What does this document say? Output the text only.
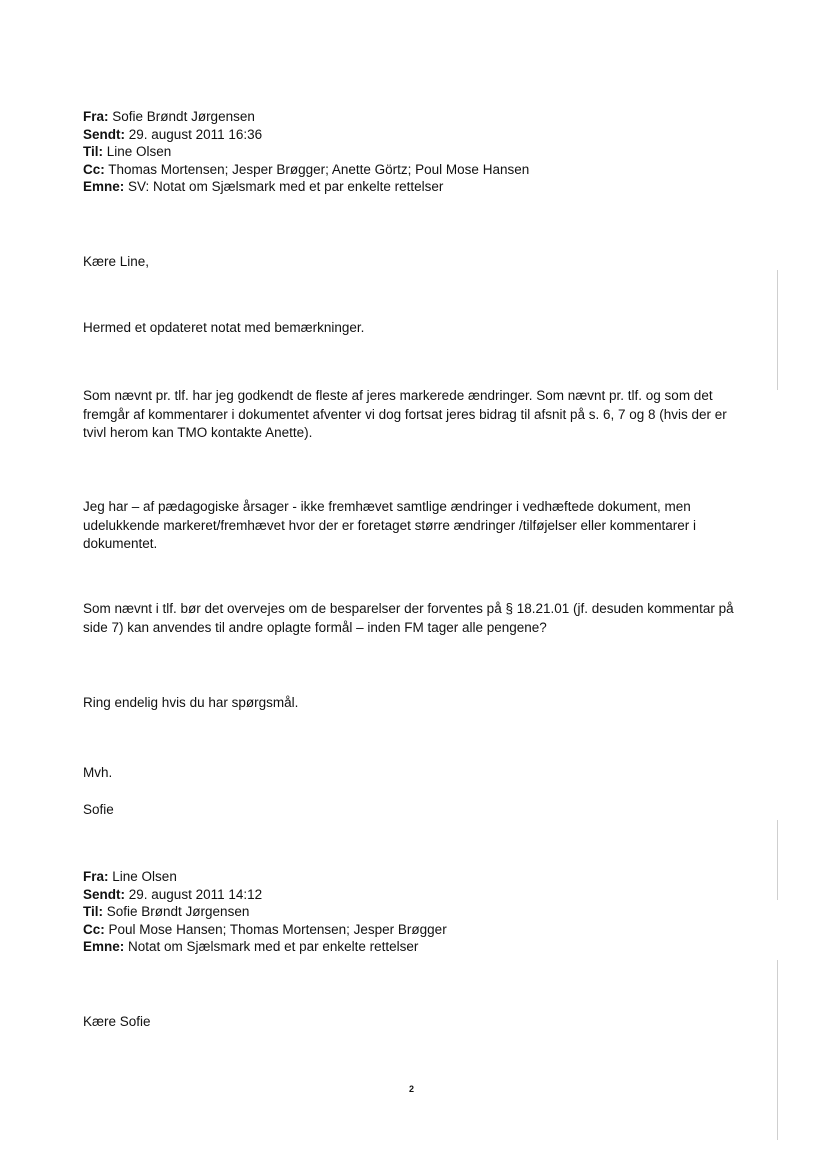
Fra: Sofie Brøndt Jørgensen
Sendt: 29. august 2011 16:36
Til: Line Olsen
Cc: Thomas Mortensen; Jesper Brøgger; Anette Görtz; Poul Mose Hansen
Emne: SV: Notat om Sjælsmark med et par enkelte rettelser
Kære Line,
Hermed et opdateret notat med bemærkninger.
Som nævnt pr. tlf. har jeg godkendt de fleste af jeres markerede ændringer. Som nævnt pr. tlf. og som det fremgår af kommentarer i dokumentet afventer vi dog fortsat jeres bidrag til afsnit på s. 6, 7 og 8 (hvis der er tvivl herom kan TMO kontakte Anette).
Jeg har – af pædagogiske årsager - ikke fremhævet samtlige ændringer i vedhæftede dokument, men udelukkende markeret/fremhævet hvor der er foretaget større ændringer /tilføjelser eller kommentarer i dokumentet.
Som nævnt i tlf. bør det overvejes om de besparelser der forventes på § 18.21.01 (jf. desuden kommentar på side 7) kan anvendes til andre oplagte formål – inden FM tager alle pengene?
Ring endelig hvis du har spørgsmål.
Mvh.
Sofie
Fra: Line Olsen
Sendt: 29. august 2011 14:12
Til: Sofie Brøndt Jørgensen
Cc: Poul Mose Hansen; Thomas Mortensen; Jesper Brøgger
Emne: Notat om Sjælsmark med et par enkelte rettelser
Kære Sofie
2
